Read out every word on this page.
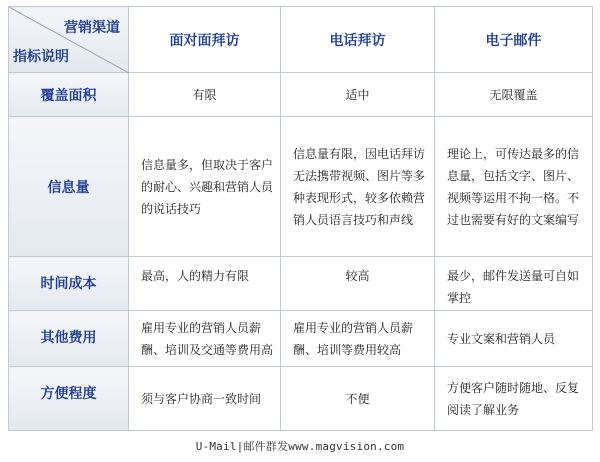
营销渠道
指标说明	面对面拜访	电话拜访	电子邮件
覆盖面积	有限	适中	无限覆盖
信息量	信息量多，但取决于客户的耐心、兴趣和营销人员的说话技巧	信息量有限，因电话拜访无法携带视频、图片等多种表现形式，较多依赖营销人员语言技巧和声线	理论上，可传达最多的信息量，包括文字、图片、视频等运用不拘一格。不过也需要有好的文案编写
时间成本	最高，人的精力有限	较高	最少，邮件发送量可自如掌控
其他费用	雇用专业的营销人员薪酬、培训及交通等费用高	雇用专业的营销人员薪酬、培训等费用较高	专业文案和营销人员
方便程度	须与客户协商一致时间	不便	方便客户随时随地、反复阅读了解业务
U-Mail|邮件群发www.magvision.com
